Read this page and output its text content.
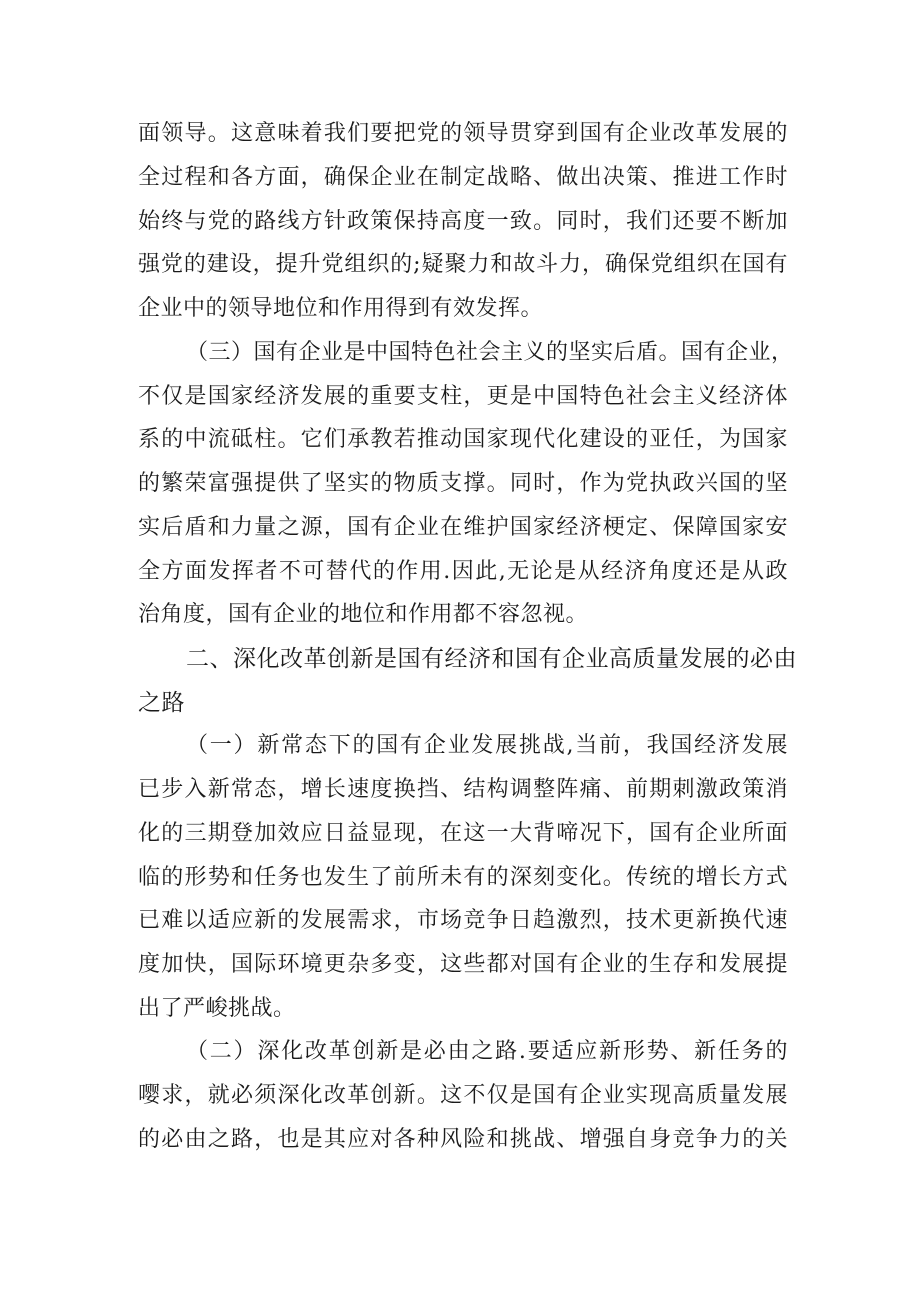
面领导。这意味着我们要把党的领导贯穿到国有企业改革发展的
全过程和各方面，确保企业在制定战略、做出决策、推进工作时
始终与党的路线方针政策保持高度一致。同时，我们还要不断加
强党的建设，提升党组织的;疑聚力和故斗力，确保党组织在国有
企业中的领导地位和作用得到有效发挥。
（三）国有企业是中国特色社会主义的坚实后盾。国有企业，
不仅是国家经济发展的重要支柱，更是中国特色社会主义经济体
系的中流砥柱。它们承教若推动国家现代化建设的亚任，为国家
的繁荣富强提供了坚实的物质支撑。同时，作为党执政兴国的坚
实后盾和力量之源，国有企业在维护国家经济梗定、保障国家安
全方面发挥者不可替代的作用.因此,无论是从经济角度还是从政
治角度，国有企业的地位和作用都不容忽视。
二、深化改革创新是国有经济和国有企业高质量发展的必由
之路
（一）新常态下的国有企业发展挑战,当前，我国经济发展
已步入新常态，增长速度换挡、结构调整阵痛、前期刺激政策消
化的三期登加效应日益显现，在这一大背啼况下，国有企业所面
临的形势和任务也发生了前所未有的深刻变化。传统的增长方式
已难以适应新的发展需求，市场竞争日趋激烈，技术更新换代速
度加快，国际环境更杂多变，这些都对国有企业的生存和发展提
出了严峻挑战。
（二）深化改革创新是必由之路.要适应新形势、新任务的
嘤求，就必须深化改革创新。这不仅是国有企业实现高质量发展
的必由之路，也是其应对各种风险和挑战、增强自身竞争力的关
